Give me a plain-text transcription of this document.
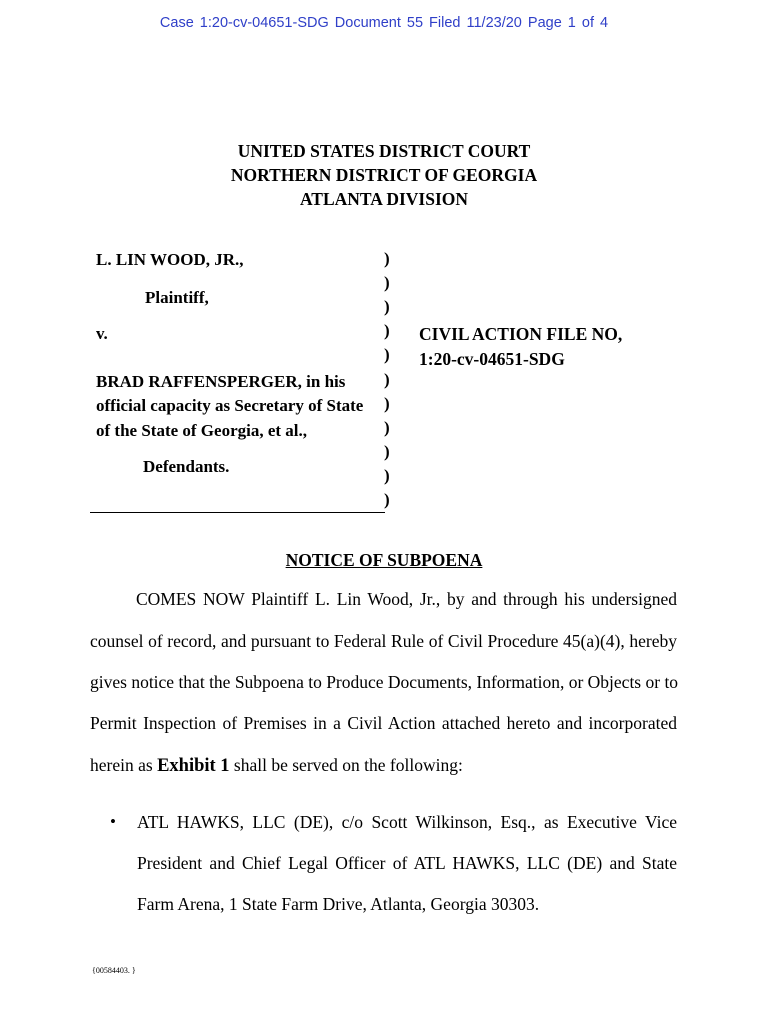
Case 1:20-cv-04651-SDG Document 55 Filed 11/23/20 Page 1 of 4
UNITED STATES DISTRICT COURT
NORTHERN DISTRICT OF GEORGIA
ATLANTA DIVISION
L. LIN WOOD, JR.,
Plaintiff,
v.
BRAD RAFFENSPERGER, in his
official capacity as Secretary of State
of the State of Georgia, et al.,
Defendants.
)
)
)
)
)
)
)
)
)
)
)
CIVIL ACTION FILE NO,
1:20-cv-04651-SDG
NOTICE OF SUBPOENA
COMES NOW Plaintiff L. Lin Wood, Jr., by and through his undersigned
counsel of record, and pursuant to Federal Rule of Civil Procedure 45(a)(4), hereby
gives notice that the Subpoena to Produce Documents, Information, or Objects or to
Permit Inspection of Premises in a Civil Action attached hereto and incorporated
herein as Exhibit 1 shall be served on the following:
• ATL HAWKS, LLC (DE), c/o Scott Wilkinson, Esq., as Executive Vice
President and Chief Legal Officer of ATL HAWKS, LLC (DE) and State
Farm Arena, 1 State Farm Drive, Atlanta, Georgia 30303.
{00584403. }
